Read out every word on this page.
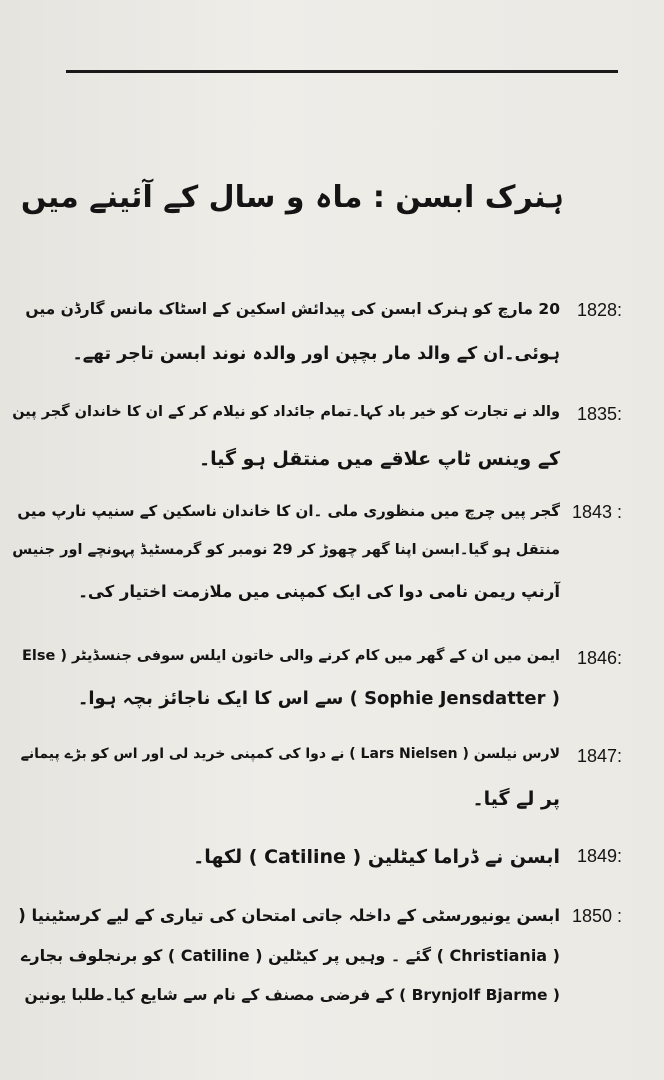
ہنرک ابسن : ماہ و سال کے آئینے میں
1828:
20 مارچ کو ہنرک ابسن کی پیدائش اسکین کے اسٹاک مانس گارڈن میں
ہوئی۔ان کے والد مار بچپن اور والدہ نوند ابسن تاجر تھے۔
1835:
والد نے تجارت کو خیر باد کہا۔تمام جائداد کو نیلام کر کے ان کا خاندان گجر پین
کے وینس ٹاپ علاقے میں منتقل ہو گیا۔
1843 :
گجر پیں چرچ میں منظوری ملی ۔ان کا خاندان ناسکین کے سنیپ نارپ میں
منتقل ہو گیا۔ابسن اپنا گھر چھوڑ کر 29 نومبر کو گرمسٹیڈ پہونچے اور جنیس
آرنپ ریمن نامی دوا کی ایک کمپنی میں ملازمت اختیار کی۔
1846:
ایمن میں ان کے گھر میں کام کرنے والی خاتون ایلس سوفی جنسڈیٹر ( Else
( Sophie Jensdatter ) سے اس کا ایک ناجائز بچہ ہوا۔
1847:
لارس نیلسن ( Lars Nielsen ) نے دوا کی کمپنی خرید لی اور اس کو بڑے پیمانے
پر لے گیا۔
1849:
ابسن نے ڈراما کیٹلین ( Catiline ) لکھا۔
1850 :
ابسن یونیورسٹی کے داخلہ جاتی امتحان کی تیاری کے لیے کرسٹینیا (
( Christiania ) گئے ۔ وہیں پر کیٹلین ( Catiline ) کو برنجلوف بجارے
( Brynjolf Bjarme ) کے فرضی مصنف کے نام سے شایع کیا۔طلبا یونین
